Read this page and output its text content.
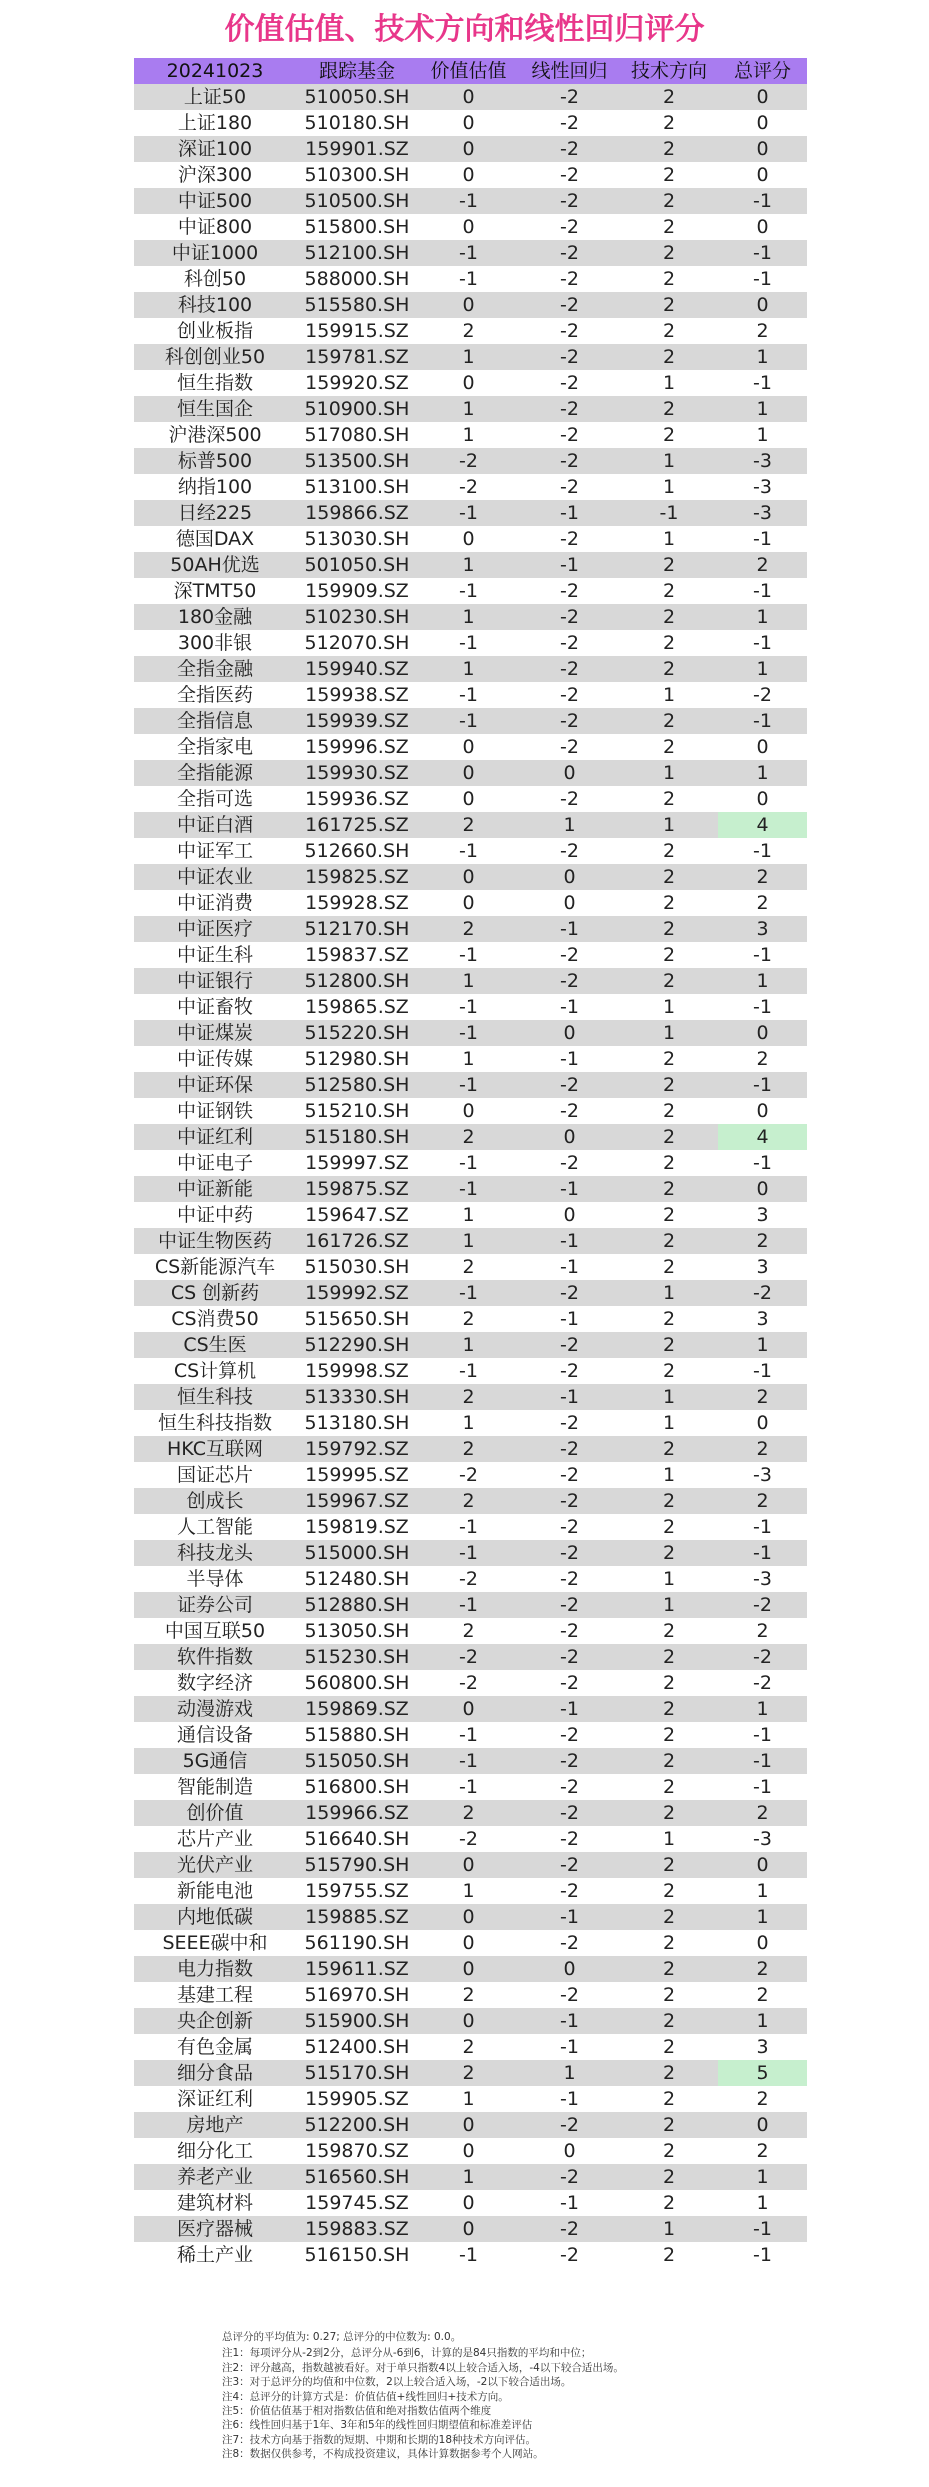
价值估值、技术方向和线性回归评分
20241023	跟踪基金	价值估值	线性回归	技术方向	总评分
上证50	510050.SH	0	-2	2	0
上证180	510180.SH	0	-2	2	0
深证100	159901.SZ	0	-2	2	0
沪深300	510300.SH	0	-2	2	0
中证500	510500.SH	-1	-2	2	-1
中证800	515800.SH	0	-2	2	0
中证1000	512100.SH	-1	-2	2	-1
科创50	588000.SH	-1	-2	2	-1
科技100	515580.SH	0	-2	2	0
创业板指	159915.SZ	2	-2	2	2
科创创业50	159781.SZ	1	-2	2	1
恒生指数	159920.SZ	0	-2	1	-1
恒生国企	510900.SH	1	-2	2	1
沪港深500	517080.SH	1	-2	2	1
标普500	513500.SH	-2	-2	1	-3
纳指100	513100.SH	-2	-2	1	-3
日经225	159866.SZ	-1	-1	-1	-3
德国DAX	513030.SH	0	-2	1	-1
50AH优选	501050.SH	1	-1	2	2
深TMT50	159909.SZ	-1	-2	2	-1
180金融	510230.SH	1	-2	2	1
300非银	512070.SH	-1	-2	2	-1
全指金融	159940.SZ	1	-2	2	1
全指医药	159938.SZ	-1	-2	1	-2
全指信息	159939.SZ	-1	-2	2	-1
全指家电	159996.SZ	0	-2	2	0
全指能源	159930.SZ	0	0	1	1
全指可选	159936.SZ	0	-2	2	0
中证白酒	161725.SZ	2	1	1	4
中证军工	512660.SH	-1	-2	2	-1
中证农业	159825.SZ	0	0	2	2
中证消费	159928.SZ	0	0	2	2
中证医疗	512170.SH	2	-1	2	3
中证生科	159837.SZ	-1	-2	2	-1
中证银行	512800.SH	1	-2	2	1
中证畜牧	159865.SZ	-1	-1	1	-1
中证煤炭	515220.SH	-1	0	1	0
中证传媒	512980.SH	1	-1	2	2
中证环保	512580.SH	-1	-2	2	-1
中证钢铁	515210.SH	0	-2	2	0
中证红利	515180.SH	2	0	2	4
中证电子	159997.SZ	-1	-2	2	-1
中证新能	159875.SZ	-1	-1	2	0
中证中药	159647.SZ	1	0	2	3
中证生物医药	161726.SZ	1	-1	2	2
CS新能源汽车	515030.SH	2	-1	2	3
CS 创新药	159992.SZ	-1	-2	1	-2
CS消费50	515650.SH	2	-1	2	3
CS生医	512290.SH	1	-2	2	1
CS计算机	159998.SZ	-1	-2	2	-1
恒生科技	513330.SH	2	-1	1	2
恒生科技指数	513180.SH	1	-2	1	0
HKC互联网	159792.SZ	2	-2	2	2
国证芯片	159995.SZ	-2	-2	1	-3
创成长	159967.SZ	2	-2	2	2
人工智能	159819.SZ	-1	-2	2	-1
科技龙头	515000.SH	-1	-2	2	-1
半导体	512480.SH	-2	-2	1	-3
证券公司	512880.SH	-1	-2	1	-2
中国互联50	513050.SH	2	-2	2	2
软件指数	515230.SH	-2	-2	2	-2
数字经济	560800.SH	-2	-2	2	-2
动漫游戏	159869.SZ	0	-1	2	1
通信设备	515880.SH	-1	-2	2	-1
5G通信	515050.SH	-1	-2	2	-1
智能制造	516800.SH	-1	-2	2	-1
创价值	159966.SZ	2	-2	2	2
芯片产业	516640.SH	-2	-2	1	-3
光伏产业	515790.SH	0	-2	2	0
新能电池	159755.SZ	1	-2	2	1
内地低碳	159885.SZ	0	-1	2	1
SEEE碳中和	561190.SH	0	-2	2	0
电力指数	159611.SZ	0	0	2	2
基建工程	516970.SH	2	-2	2	2
央企创新	515900.SH	0	-1	2	1
有色金属	512400.SH	2	-1	2	3
细分食品	515170.SH	2	1	2	5
深证红利	159905.SZ	1	-1	2	2
房地产	512200.SH	0	-2	2	0
细分化工	159870.SZ	0	0	2	2
养老产业	516560.SH	1	-2	2	1
建筑材料	159745.SZ	0	-1	2	1
医疗器械	159883.SZ	0	-2	1	-1
稀土产业	516150.SH	-1	-2	2	-1
总评分的平均值为: 0.27; 总评分的中位数为: 0.0。
注1：每项评分从-2到2分，总评分从-6到6，计算的是84只指数的平均和中位；
注2：评分越高，指数越被看好。对于单只指数4以上较合适入场，-4以下较合适出场。
注3：对于总评分的均值和中位数，2以上较合适入场，-2以下较合适出场。
注4：总评分的计算方式是：价值估值+线性回归+技术方向。
注5：价值估值基于相对指数估值和绝对指数估值两个维度
注6：线性回归基于1年、3年和5年的线性回归期望值和标准差评估
注7：技术方向基于指数的短期、中期和长期的18种技术方向评估。
注8：数据仅供参考，不构成投资建议，具体计算数据参考个人网站。
